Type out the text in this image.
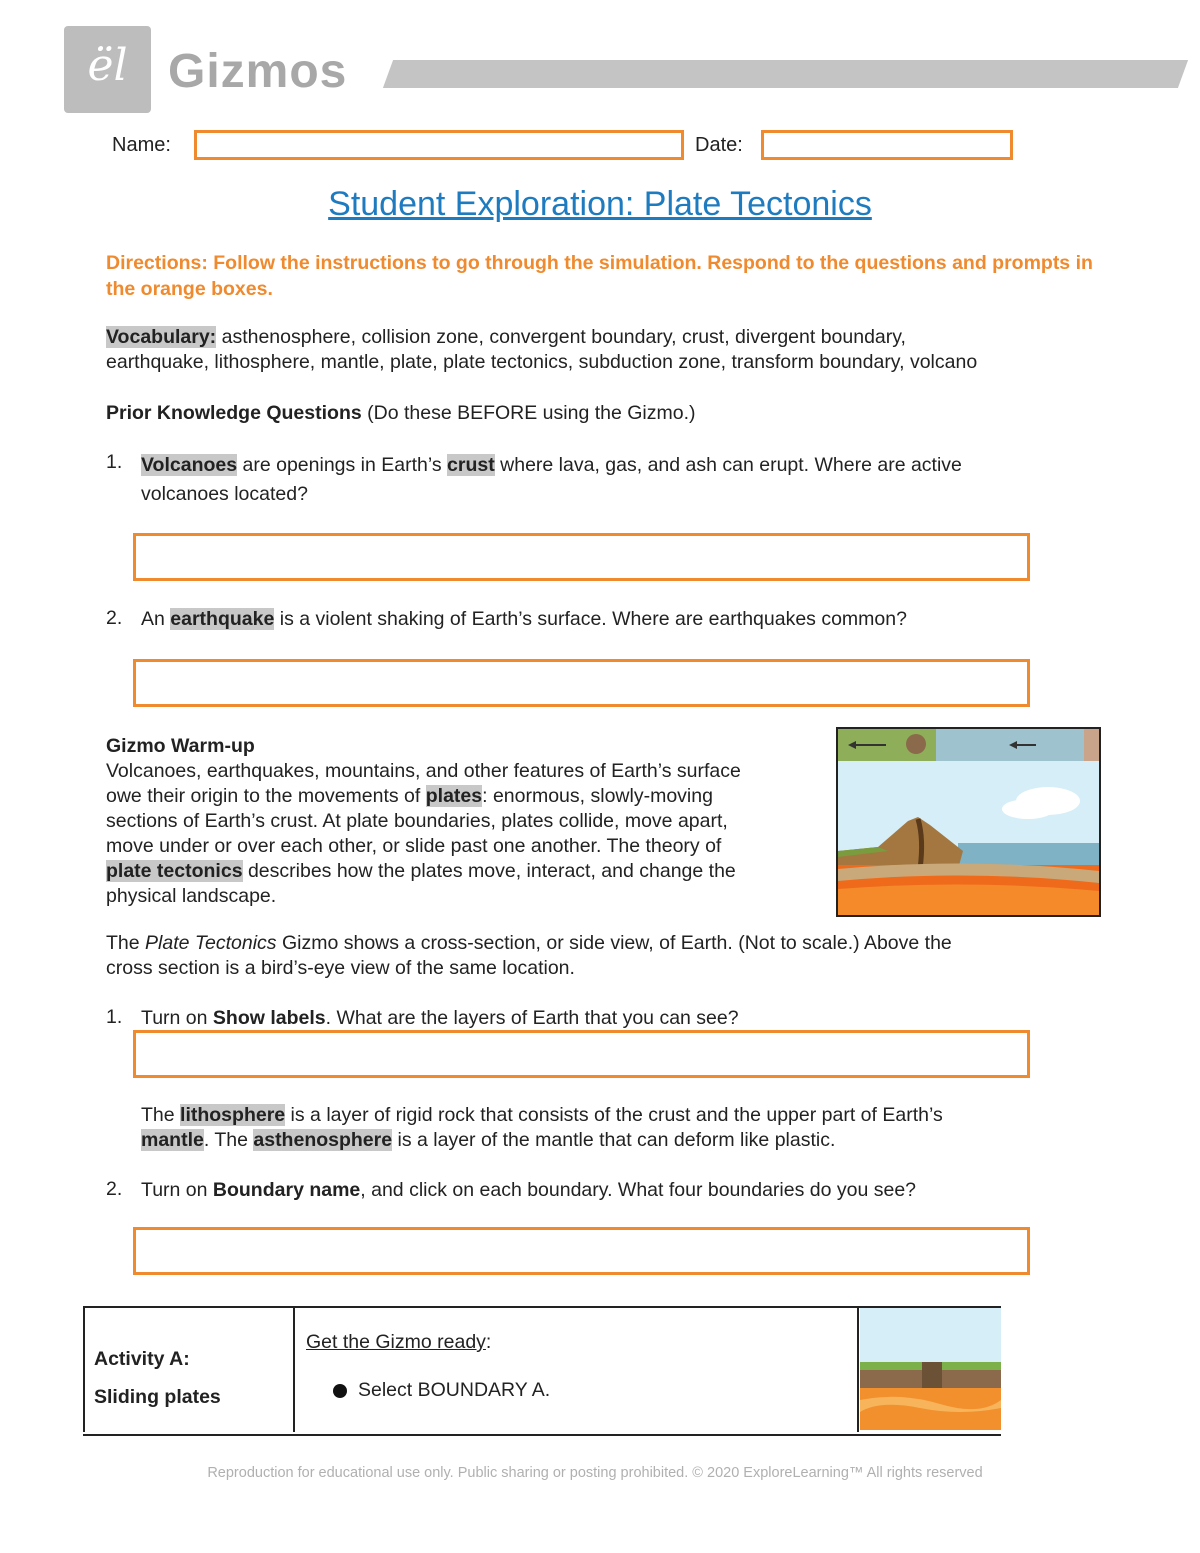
ël Gizmos
Name:	Date:
Student Exploration: Plate Tectonics
Directions: Follow the instructions to go through the simulation. Respond to the questions and prompts in the orange boxes.
Vocabulary: asthenosphere, collision zone, convergent boundary, crust, divergent boundary,
earthquake, lithosphere, mantle, plate, plate tectonics, subduction zone, transform boundary, volcano
Prior Knowledge Questions (Do these BEFORE using the Gizmo.)
1. Volcanoes are openings in Earth’s crust where lava, gas, and ash can erupt. Where are active
volcanoes located?
2. An earthquake is a violent shaking of Earth’s surface. Where are earthquakes common?
Gizmo Warm-up
Volcanoes, earthquakes, mountains, and other features of Earth’s surface
owe their origin to the movements of plates: enormous, slowly-moving
sections of Earth’s crust. At plate boundaries, plates collide, move apart,
move under or over each other, or slide past one another. The theory of
plate tectonics describes how the plates move, interact, and change the
physical landscape.
The Plate Tectonics Gizmo shows a cross-section, or side view, of Earth. (Not to scale.) Above the
cross section is a bird’s-eye view of the same location.
1. Turn on Show labels. What are the layers of Earth that you can see?
The lithosphere is a layer of rigid rock that consists of the crust and the upper part of Earth’s
mantle. The asthenosphere is a layer of the mantle that can deform like plastic.
2. Turn on Boundary name, and click on each boundary. What four boundaries do you see?
Activity A:
Sliding plates
Get the Gizmo ready:
Select BOUNDARY A.
Reproduction for educational use only. Public sharing or posting prohibited. © 2020 ExploreLearning™ All rights reserved
